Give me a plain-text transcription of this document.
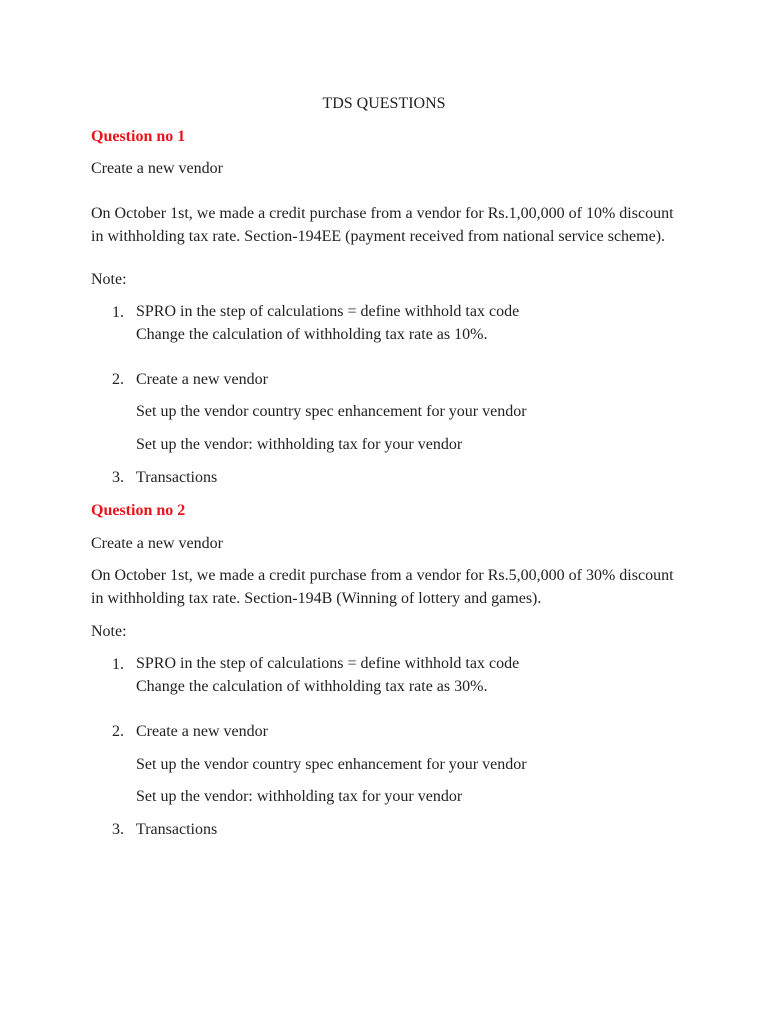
TDS QUESTIONS
Question no 1
Create a new vendor
On October 1st, we made a credit purchase from a vendor for Rs.1,00,000 of 10% discount in withholding tax rate. Section-194EE (payment received from national service scheme).
Note:
1. SPRO in the step of calculations = define withhold tax code
Change the calculation of withholding tax rate as 10%.
2. Create a new vendor
Set up the vendor country spec enhancement for your vendor
Set up the vendor: withholding tax for your vendor
3. Transactions
Question no 2
Create a new vendor
On October 1st, we made a credit purchase from a vendor for Rs.5,00,000 of 30% discount in withholding tax rate. Section-194B (Winning of lottery and games).
Note:
1. SPRO in the step of calculations = define withhold tax code
Change the calculation of withholding tax rate as 30%.
2. Create a new vendor
Set up the vendor country spec enhancement for your vendor
Set up the vendor: withholding tax for your vendor
3. Transactions
